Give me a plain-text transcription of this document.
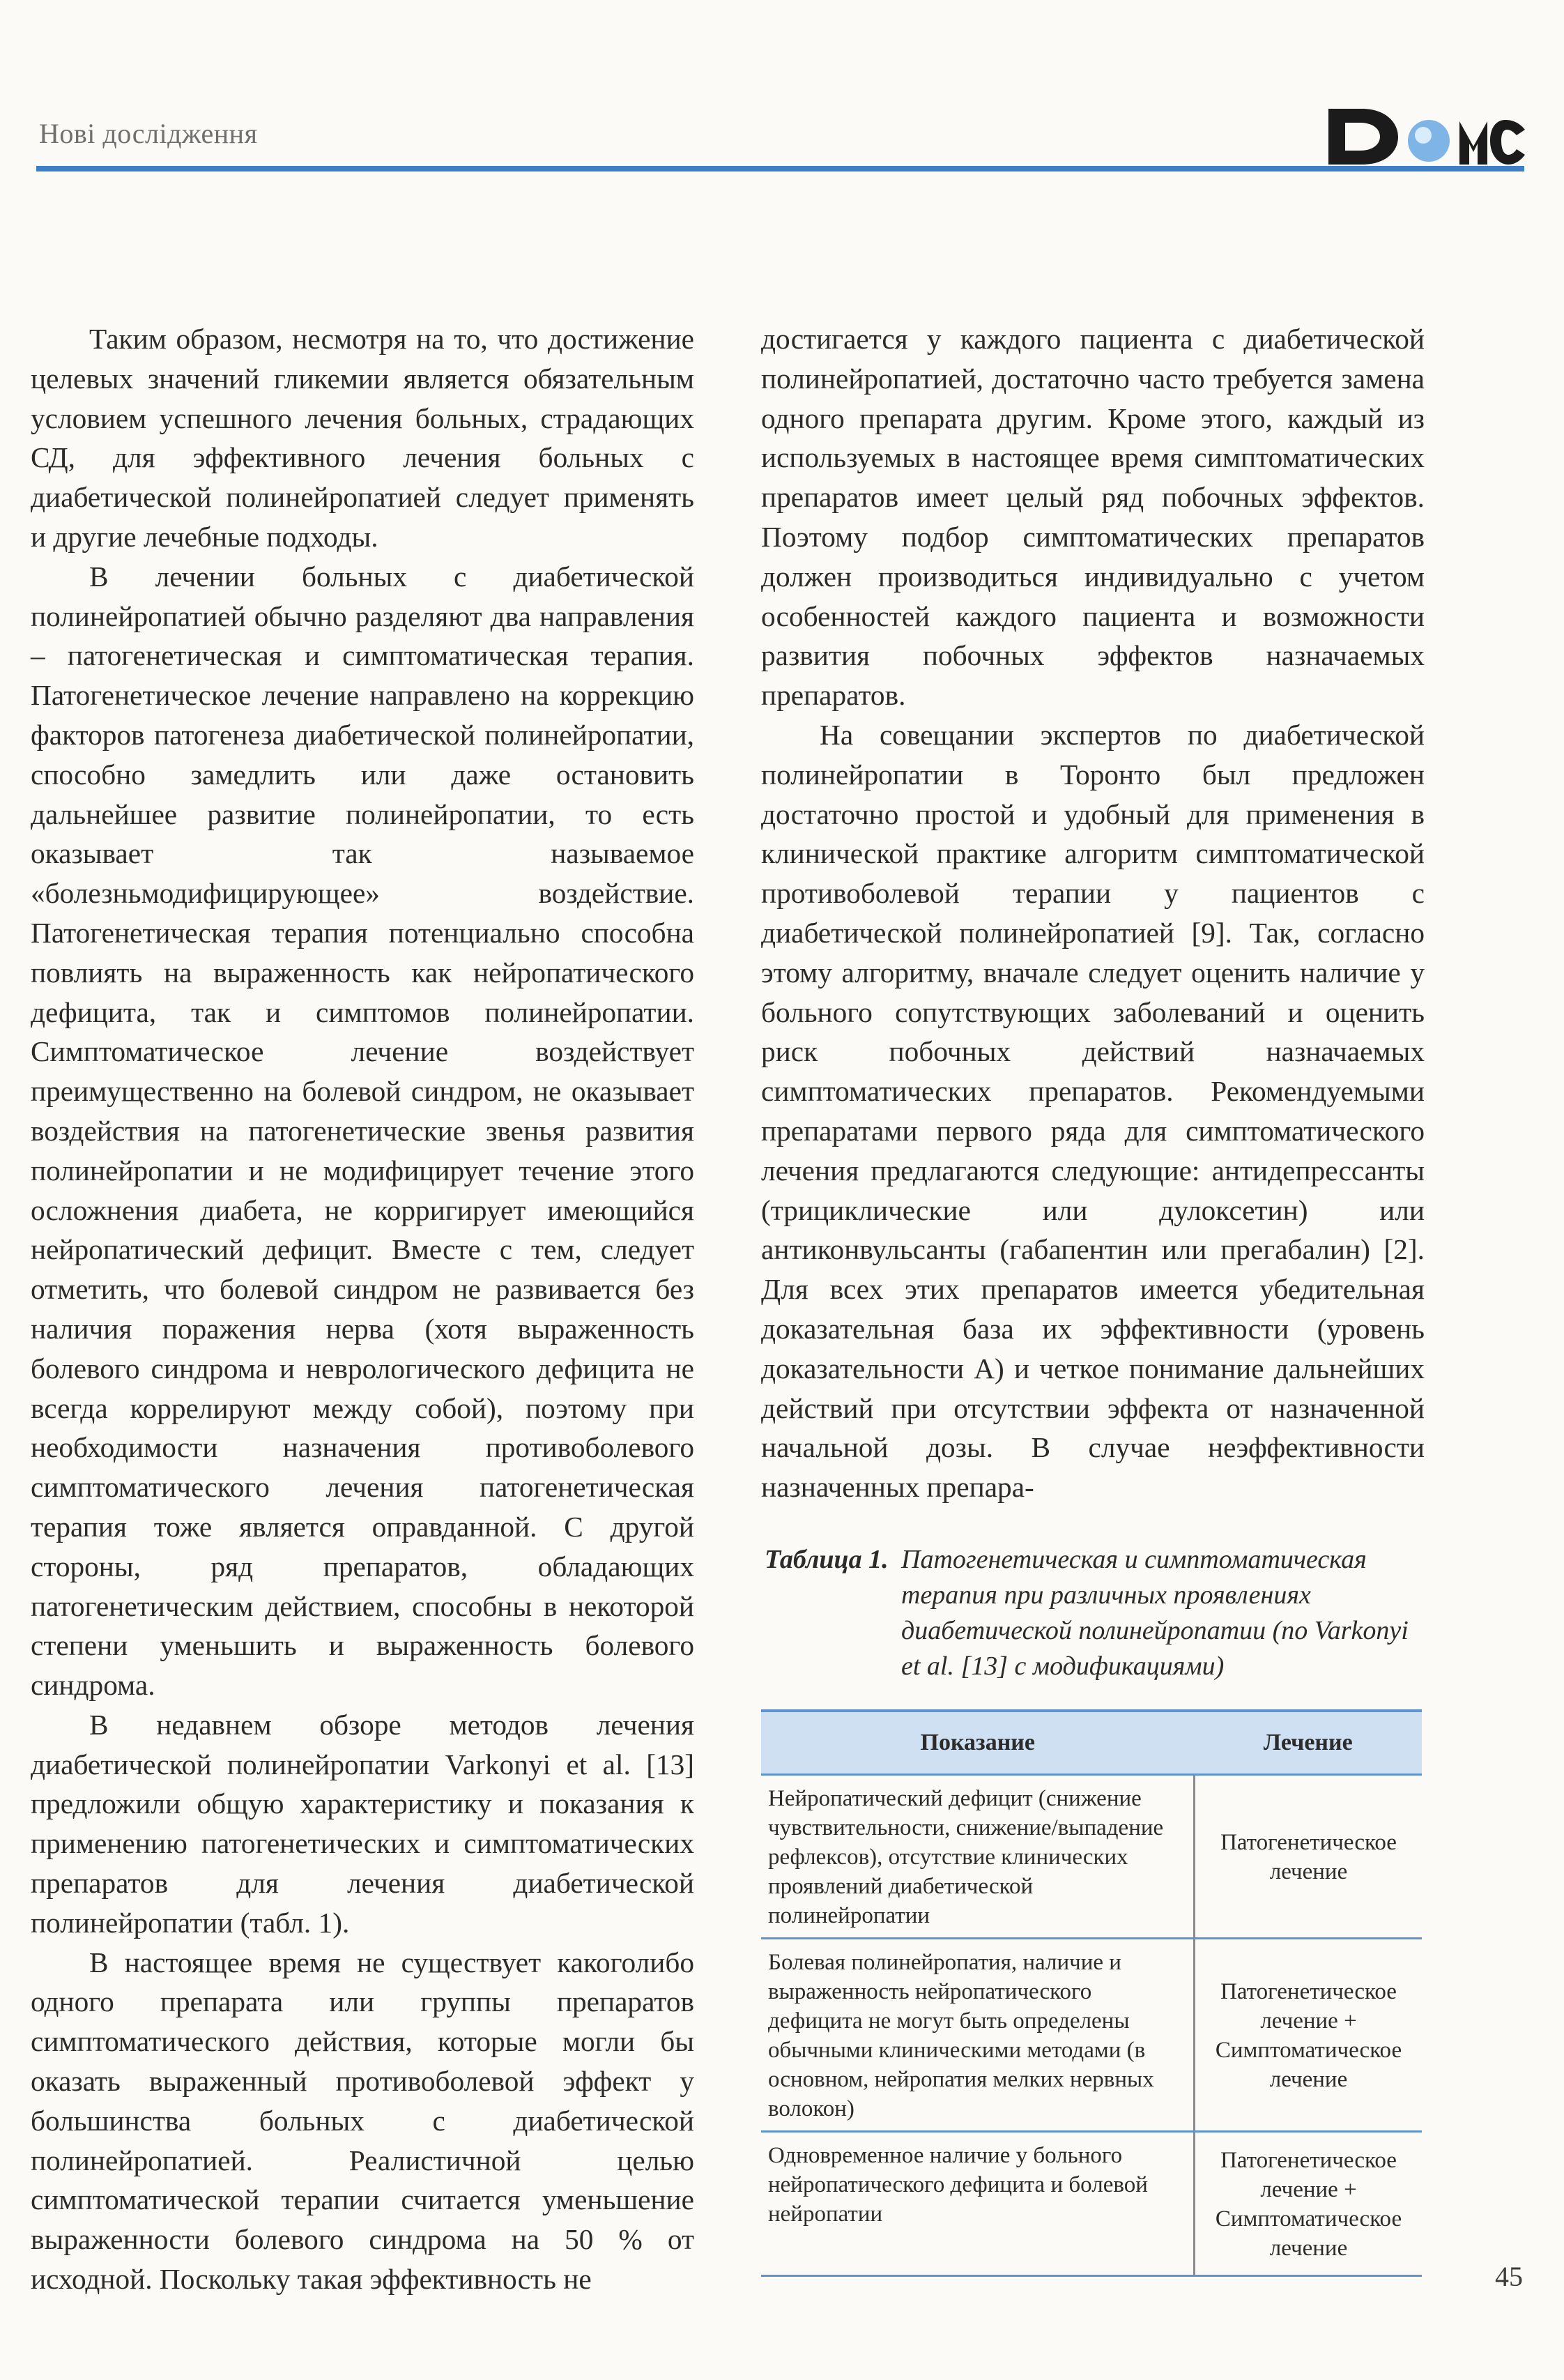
Нові дослідження

Таким образом, несмотря на то, что достижение целевых значений гликемии является обязательным условием успешного лечения больных, страдающих СД, для эффективного лечения больных с диабетической полинейропатией следует применять и другие лечебные подходы.

В лечении больных с диабетической полинейропатией обычно разделяют два направления – патогенетическая и симптоматическая терапия. Патогенетическое лечение направлено на коррекцию факторов патогенеза диабетической полинейропатии, способно замедлить или даже остановить дальнейшее развитие полинейропатии, то есть оказывает так называемое «болезньмодифицирующее» воздействие. Патогенетическая терапия потенциально способна повлиять на выраженность как нейропатического дефицита, так и симптомов полинейропатии. Симптоматическое лечение воздействует преимущественно на болевой синдром, не оказывает воздействия на патогенетические звенья развития полинейропатии и не модифицирует течение этого осложнения диабета, не корригирует имеющийся нейропатический дефицит. Вместе с тем, следует отметить, что болевой синдром не развивается без наличия поражения нерва (хотя выраженность болевого синдрома и неврологического дефицита не всегда коррелируют между собой), поэтому при необходимости назначения противоболевого симптоматического лечения патогенетическая терапия тоже является оправданной. С другой стороны, ряд препаратов, обладающих патогенетическим действием, способны в некоторой степени уменьшить и выраженность болевого синдрома.

В недавнем обзоре методов лечения диабетической полинейропатии Varkonyi et al. [13] предложили общую характеристику и показания к применению патогенетических и симптоматических препаратов для лечения диабетической полинейропатии (табл. 1).

В настоящее время не существует какоголибо одного препарата или группы препаратов симптоматического действия, которые могли бы оказать выраженный противоболевой эффект у большинства больных с диабетической полинейропатией. Реалистичной целью симптоматической терапии считается уменьшение выраженности болевого синдрома на 50 % от исходной. Поскольку такая эффективность не

достигается у каждого пациента с диабетической полинейропатией, достаточно часто требуется замена одного препарата другим. Кроме этого, каждый из используемых в настоящее время симптоматических препаратов имеет целый ряд побочных эффектов. Поэтому подбор симптоматических препаратов должен производиться индивидуально с учетом особенностей каждого пациента и возможности развития побочных эффектов назначаемых препаратов.

На совещании экспертов по диабетической полинейропатии в Торонто был предложен достаточно простой и удобный для применения в клинической практике алгоритм симптоматической противоболевой терапии у пациентов с диабетической полинейропатией [9]. Так, согласно этому алгоритму, вначале следует оценить наличие у больного сопутствующих заболеваний и оценить риск побочных действий назначаемых симптоматических препаратов. Рекомендуемыми препаратами первого ряда для симптоматического лечения предлагаются следующие: антидепрессанты (трициклические или дулоксетин) или антиконвульсанты (габапентин или прегабалин) [2]. Для всех этих препаратов имеется убедительная доказательная база их эффективности (уровень доказательности А) и четкое понимание дальнейших действий при отсутствии эффекта от назначенной начальной дозы. В случае неэффективности назначенных препара-

Таблица 1. Патогенетическая и симптоматическая терапия при различных проявлениях диабетической полинейропатии (по Varkonyi et al. [13] с модификациями)
Показание	Лечение
Нейропатический дефицит (снижение чувствительности, снижение/выпадение рефлексов), отсутствие клинических проявлений диабетической полинейропатии	Патогенетическое лечение
Болевая полинейропатия, наличие и выраженность нейропатического дефицита не могут быть определены обычными клиническими методами (в основном, нейропатия мелких нервных волокон)	Патогенетическое лечение + Симптоматическое лечение
Одновременное наличие у больного нейропатического дефицита и болевой нейропатии	Патогенетическое лечение + Симптоматическое лечение
45
